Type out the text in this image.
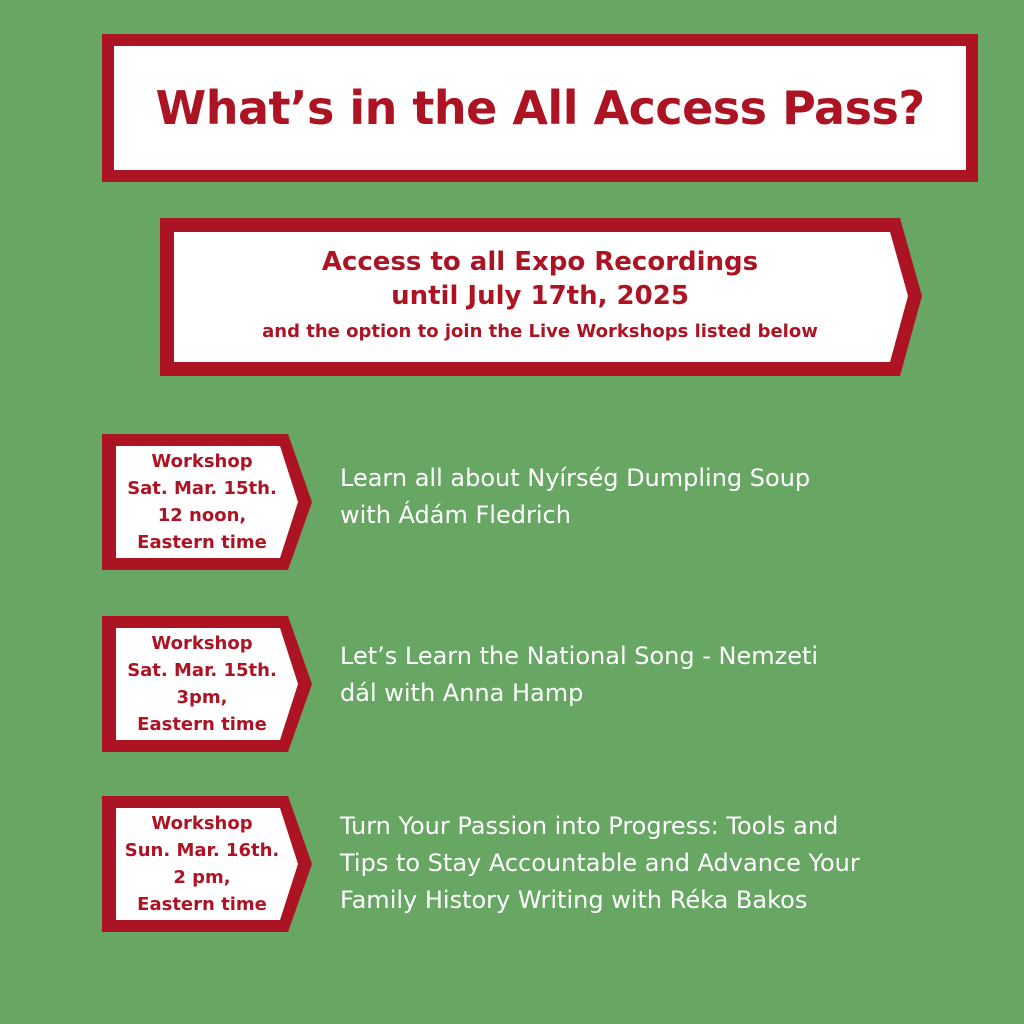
What’s in the All Access Pass?
Access to all Expo Recordings
until July 17th, 2025
and the option to join the Live Workshops listed below
Workshop
Sat. Mar. 15th.
12 noon,
Eastern time
Learn all about Nyírség Dumpling Soup
with Ádám Fledrich
Workshop
Sat. Mar. 15th.
3pm,
Eastern time
Let’s Learn the National Song - Nemzeti
dál with Anna Hamp
Workshop
Sun. Mar. 16th.
2 pm,
Eastern time
Turn Your Passion into Progress: Tools and
Tips to Stay Accountable and Advance Your
Family History Writing with Réka Bakos
